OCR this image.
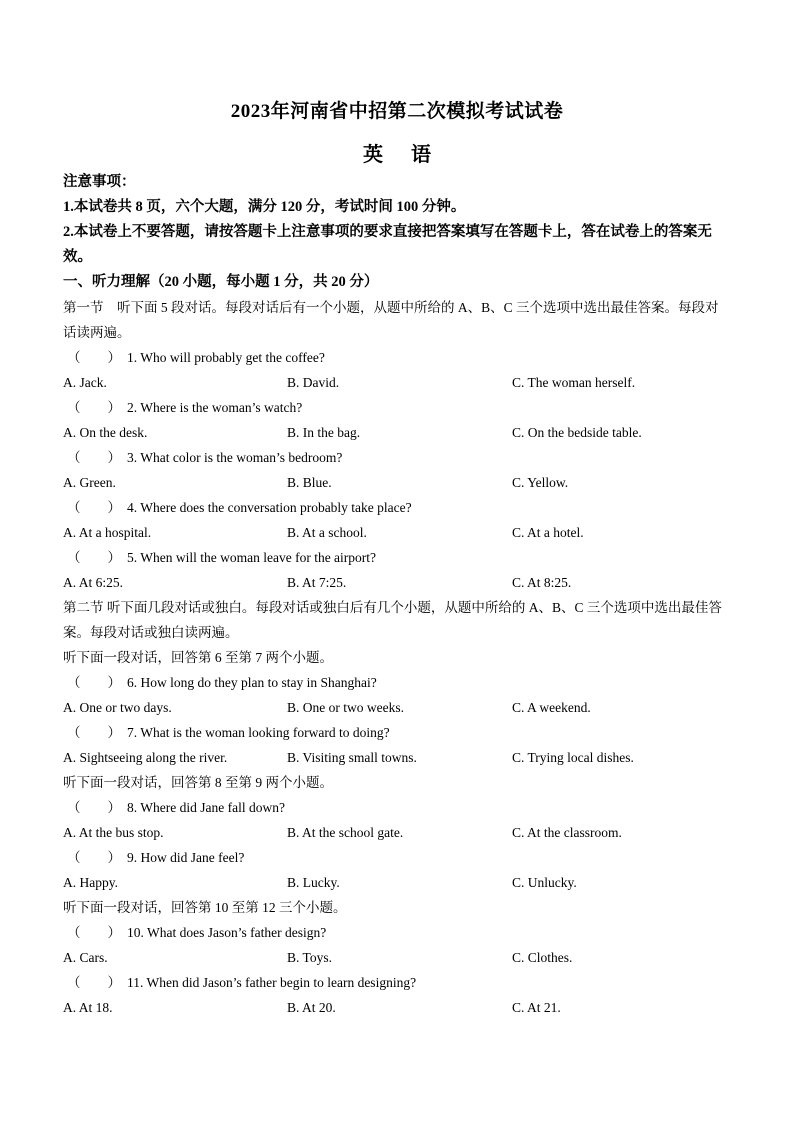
2023年河南省中招第二次模拟考试试卷
英 语
注意事项：
1.本试卷共 8 页，六个大题，满分 120 分，考试时间 100 分钟。
2.本试卷上不要答题，请按答题卡上注意事项的要求直接把答案填写在答题卡上，答在试卷上的答案无效。
一、听力理解（20 小题，每小题 1 分，共 20 分）
第一节　听下面 5 段对话。每段对话后有一个小题，从题中所给的 A、B、C 三个选项中选出最佳答案。每段对话读两遍。
（　　） 1. Who will probably get the coffee?
A. Jack.	B. David.	C. The woman herself.
（　　） 2. Where is the woman’s watch?
A. On the desk.	B. In the bag.	C. On the bedside table.
（　　） 3. What color is the woman’s bedroom?
A. Green.	B. Blue.	C. Yellow.
（　　） 4. Where does the conversation probably take place?
A. At a hospital.	B. At a school.	C. At a hotel.
（　　） 5. When will the woman leave for the airport?
A. At 6:25.	B. At 7:25.	C. At 8:25.
第二节 听下面几段对话或独白。每段对话或独白后有几个小题，从题中所给的 A、B、C 三个选项中选出最佳答案。每段对话或独白读两遍。
听下面一段对话，回答第 6 至第 7 两个小题。
（　　） 6. How long do they plan to stay in Shanghai?
A. One or two days.	B. One or two weeks.	C. A weekend.
（　　） 7. What is the woman looking forward to doing?
A. Sightseeing along the river.	B. Visiting small towns.	C. Trying local dishes.
听下面一段对话，回答第 8 至第 9 两个小题。
（　　） 8. Where did Jane fall down?
A. At the bus stop.	B. At the school gate.	C. At the classroom.
（　　） 9. How did Jane feel?
A. Happy.	B. Lucky.	C. Unlucky.
听下面一段对话，回答第 10 至第 12 三个小题。
（　　） 10. What does Jason’s father design?
A. Cars.	B. Toys.	C. Clothes.
（　　） 11. When did Jason’s father begin to learn designing?
A. At 18.	B. At 20.	C. At 21.
